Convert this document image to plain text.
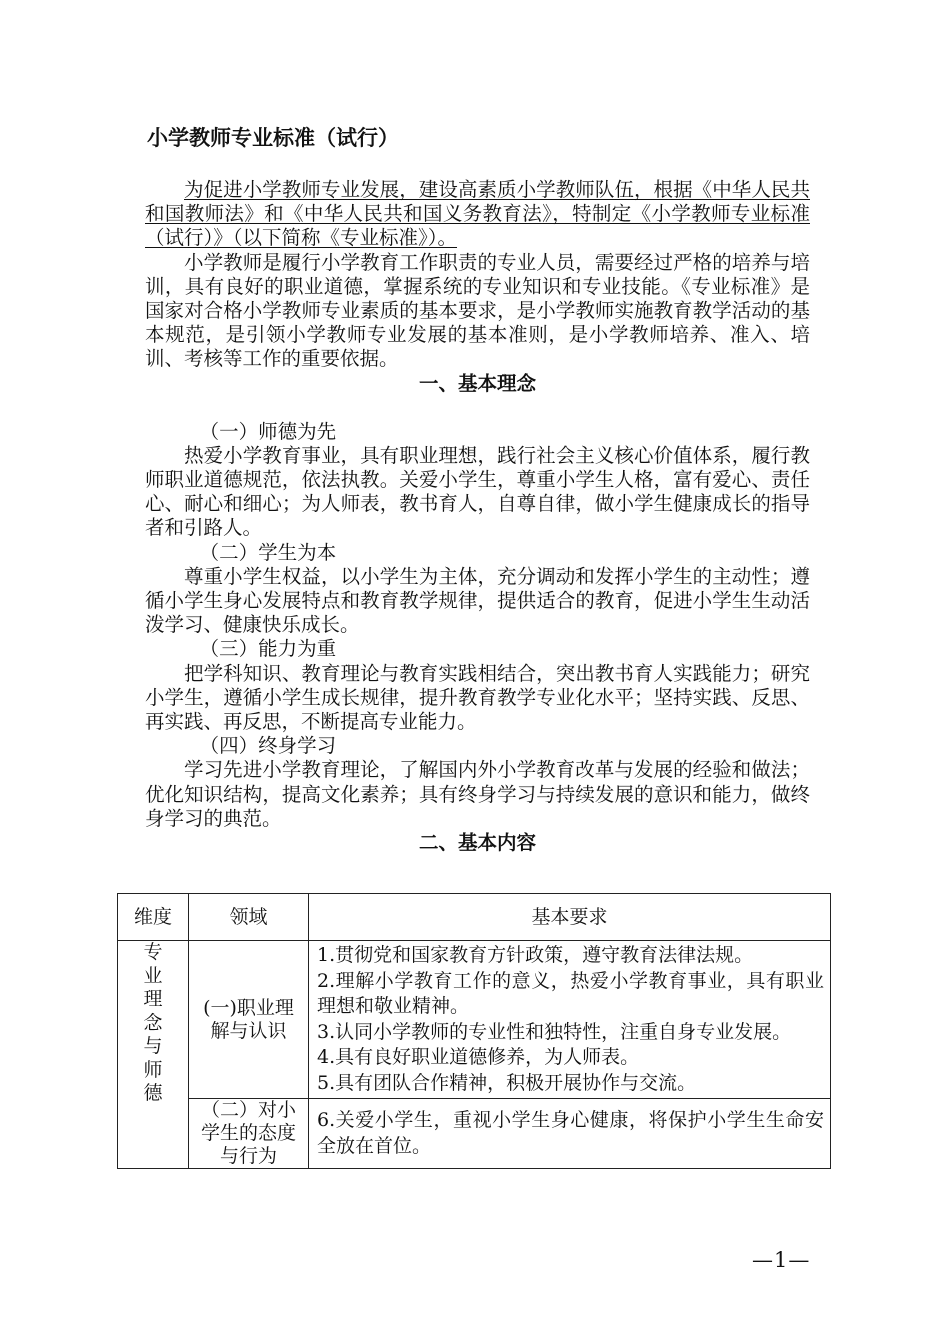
小学教师专业标准（试行）

为促进小学教师专业发展，建设高素质小学教师队伍，根据《中华人民共和国教师法》和《中华人民共和国义务教育法》，特制定《小学教师专业标准（试行）》（以下简称《专业标准》）。

小学教师是履行小学教育工作职责的专业人员，需要经过严格的培养与培训，具有良好的职业道德，掌握系统的专业知识和专业技能。《专业标准》是国家对合格小学教师专业素质的基本要求，是小学教师实施教育教学活动的基本规范，是引领小学教师专业发展的基本准则，是小学教师培养、准入、培训、考核等工作的重要依据。

一、基本理念

（一）师德为先

热爱小学教育事业，具有职业理想，践行社会主义核心价值体系，履行教师职业道德规范，依法执教。关爱小学生，尊重小学生人格，富有爱心、责任心、耐心和细心；为人师表，教书育人，自尊自律，做小学生健康成长的指导者和引路人。

（二）学生为本

尊重小学生权益，以小学生为主体，充分调动和发挥小学生的主动性；遵循小学生身心发展特点和教育教学规律，提供适合的教育，促进小学生生动活泼学习、健康快乐成长。

（三）能力为重

把学科知识、教育理论与教育实践相结合，突出教书育人实践能力；研究小学生，遵循小学生成长规律，提升教育教学专业化水平；坚持实践、反思、再实践、再反思，不断提高专业能力。

（四）终身学习

学习先进小学教育理论，了解国内外小学教育改革与发展的经验和做法；优化知识结构，提高文化素养；具有终身学习与持续发展的意识和能力，做终身学习的典范。

二、基本内容

维度	领域	基本要求
专业理念与师德	(一)职业理解与认识	1.贯彻党和国家教育方针政策，遵守教育法律法规。

2.理解小学教育工作的意义，热爱小学教育事业，具有职业理想和敬业精神。

3.认同小学教师的专业性和独特性，注重自身专业发展。

4.具有良好职业道德修养，为人师表。

5.具有团队合作精神，积极开展协作与交流。

	（二）对小学生的态度与行为	6.关爱小学生，重视小学生身心健康，将保护小学生生命安全放在首位。

—1—
